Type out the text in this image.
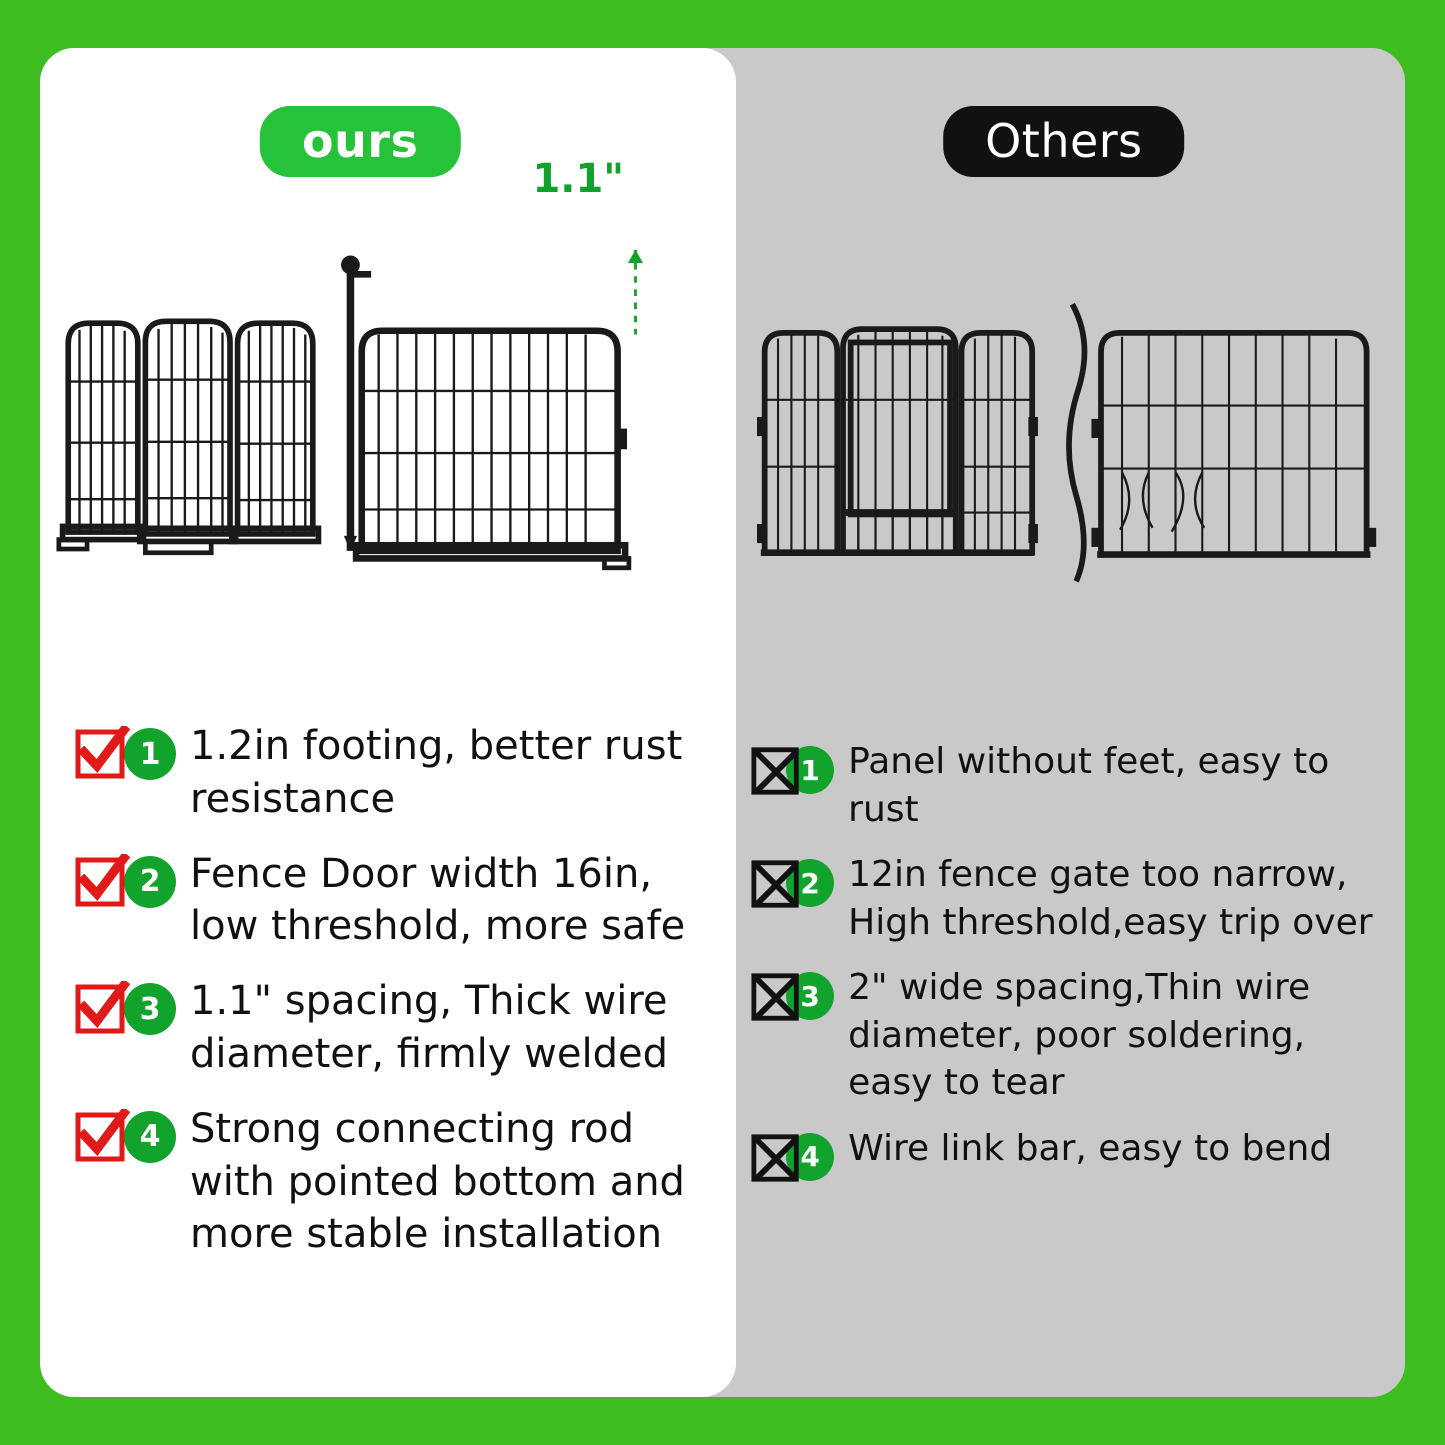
ours
1.1"
1 1.2in footing, better rust resistance
2 Fence Door width 16in, low threshold, more safe
3 1.1" spacing, Thick wire diameter, firmly welded
4 Strong connecting rod with pointed bottom and more stable installation
Others
1 Panel without feet, easy to rust
2 12in fence gate too narrow, High threshold,easy trip over
3 2" wide spacing,Thin wire diameter, poor soldering, easy to tear
4 Wire link bar, easy to bend
